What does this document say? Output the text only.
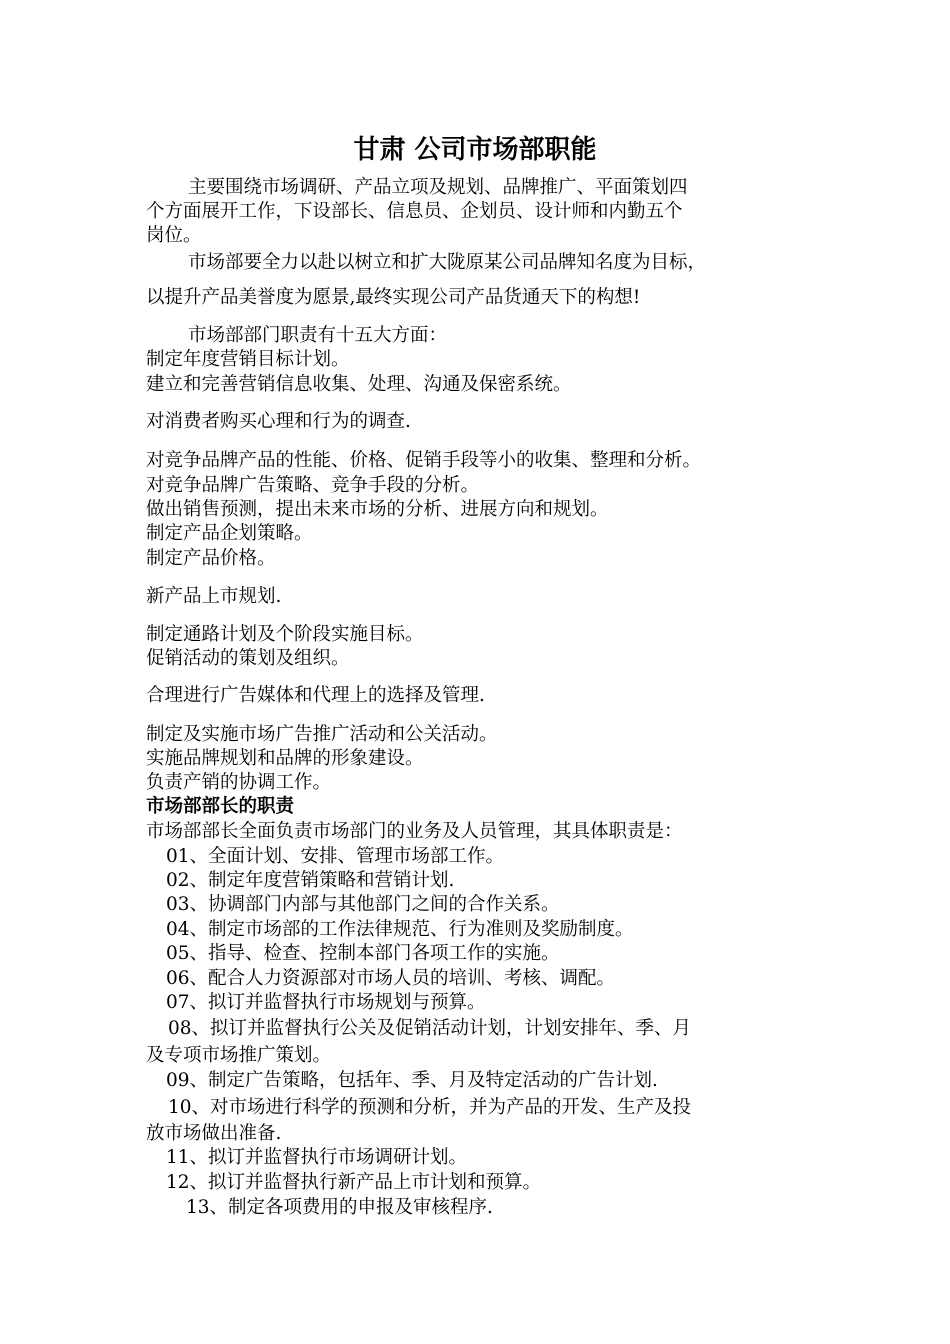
甘肃 公司市场部职能
主要围绕市场调研、产品立项及规划、品牌推广、平面策划四
个方面展开工作，下设部长、信息员、企划员、设计师和内勤五个
岗位。
市场部要全力以赴以树立和扩大陇原某公司品牌知名度为目标，
以提升产品美誉度为愿景,最终实现公司产品货通天下的构想!
市场部部门职责有十五大方面：
制定年度营销目标计划。
建立和完善营销信息收集、处理、沟通及保密系统。
对消费者购买心理和行为的调查.
对竞争品牌产品的性能、价格、促销手段等小的收集、整理和分析。
对竞争品牌广告策略、竞争手段的分析。
做出销售预测，提出未来市场的分析、进展方向和规划。
制定产品企划策略。
制定产品价格。
新产品上市规划.
制定通路计划及个阶段实施目标。
促销活动的策划及组织。
合理进行广告媒体和代理上的选择及管理.
制定及实施市场广告推广活动和公关活动。
实施品牌规划和品牌的形象建设。
负责产销的协调工作。
市场部部长的职责
市场部部长全面负责市场部门的业务及人员管理，其具体职责是：
01、全面计划、安排、管理市场部工作。
02、制定年度营销策略和营销计划.
03、协调部门内部与其他部门之间的合作关系。
04、制定市场部的工作法律规范、行为准则及奖励制度。
05、指导、检查、控制本部门各项工作的实施。
06、配合人力资源部对市场人员的培训、考核、调配。
07、拟订并监督执行市场规划与预算。
08、拟订并监督执行公关及促销活动计划，计划安排年、季、月
及专项市场推广策划。
09、制定广告策略，包括年、季、月及特定活动的广告计划.
10、对市场进行科学的预测和分析，并为产品的开发、生产及投
放市场做出准备.
11、拟订并监督执行市场调研计划。
12、拟订并监督执行新产品上市计划和预算。
13、制定各项费用的申报及审核程序.
